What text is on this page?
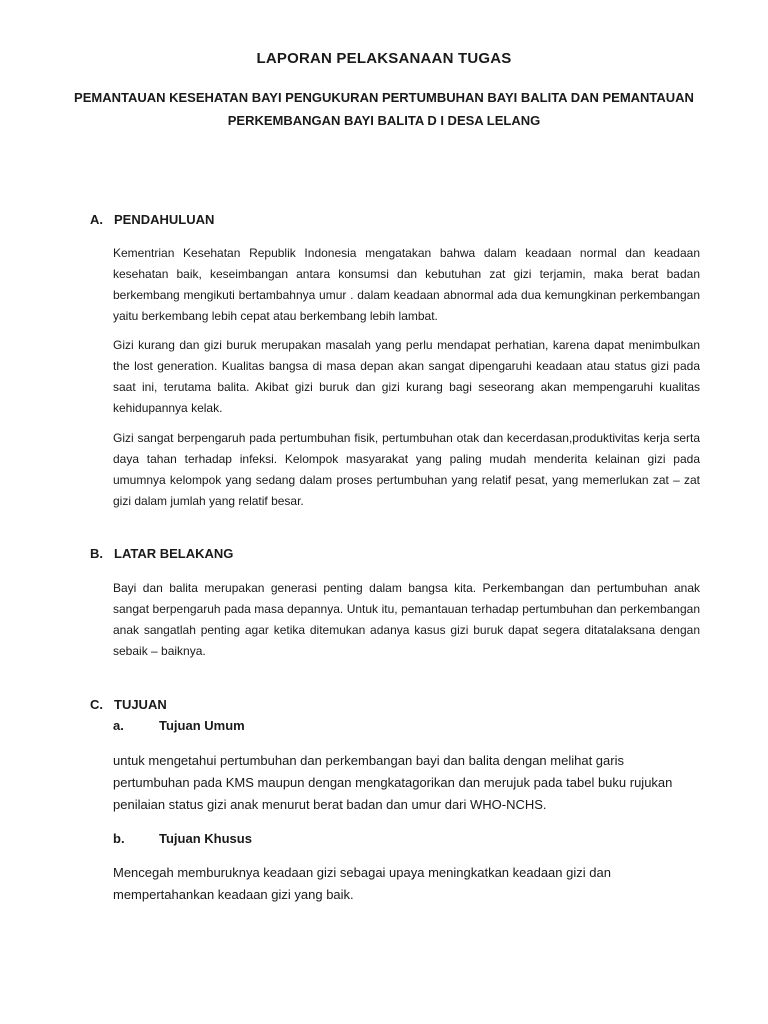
LAPORAN PELAKSANAAN TUGAS
PEMANTAUAN KESEHATAN BAYI PENGUKURAN PERTUMBUHAN BAYI BALITA DAN PEMANTAUAN
PERKEMBANGAN BAYI BALITA D I DESA LELANG
A. PENDAHULUAN
Kementrian Kesehatan Republik Indonesia mengatakan bahwa dalam keadaan normal dan keadaan kesehatan baik, keseimbangan antara konsumsi dan kebutuhan zat gizi terjamin, maka berat badan berkembang mengikuti bertambahnya umur . dalam keadaan abnormal ada dua kemungkinan perkembangan yaitu berkembang lebih cepat atau berkembang lebih lambat.
Gizi kurang dan gizi buruk merupakan masalah yang perlu mendapat perhatian, karena dapat menimbulkan the lost generation. Kualitas bangsa di masa depan akan sangat dipengaruhi keadaan atau status gizi pada saat ini, terutama balita. Akibat gizi buruk dan gizi kurang bagi seseorang akan mempengaruhi kualitas kehidupannya kelak.
Gizi sangat berpengaruh pada pertumbuhan fisik, pertumbuhan otak dan kecerdasan,produktivitas kerja serta daya tahan terhadap infeksi. Kelompok masyarakat yang paling mudah menderita kelainan gizi pada umumnya kelompok yang sedang dalam proses pertumbuhan yang relatif pesat, yang memerlukan zat – zat gizi dalam jumlah yang relatif besar.
B. LATAR BELAKANG
Bayi dan balita merupakan generasi penting dalam bangsa kita. Perkembangan dan pertumbuhan anak sangat berpengaruh pada masa depannya. Untuk itu, pemantauan terhadap pertumbuhan dan perkembangan anak sangatlah penting agar ketika ditemukan adanya kasus gizi buruk dapat segera ditatalaksana dengan sebaik – baiknya.
C. TUJUAN
a.	Tujuan Umum
untuk mengetahui pertumbuhan dan perkembangan bayi dan balita dengan melihat garis pertumbuhan pada KMS maupun dengan mengkatagorikan dan merujuk pada tabel buku rujukan penilaian status gizi anak menurut berat badan dan umur dari WHO-NCHS.
b.	Tujuan Khusus
Mencegah memburuknya keadaan gizi sebagai upaya meningkatkan keadaan gizi dan mempertahankan keadaan gizi yang baik.
